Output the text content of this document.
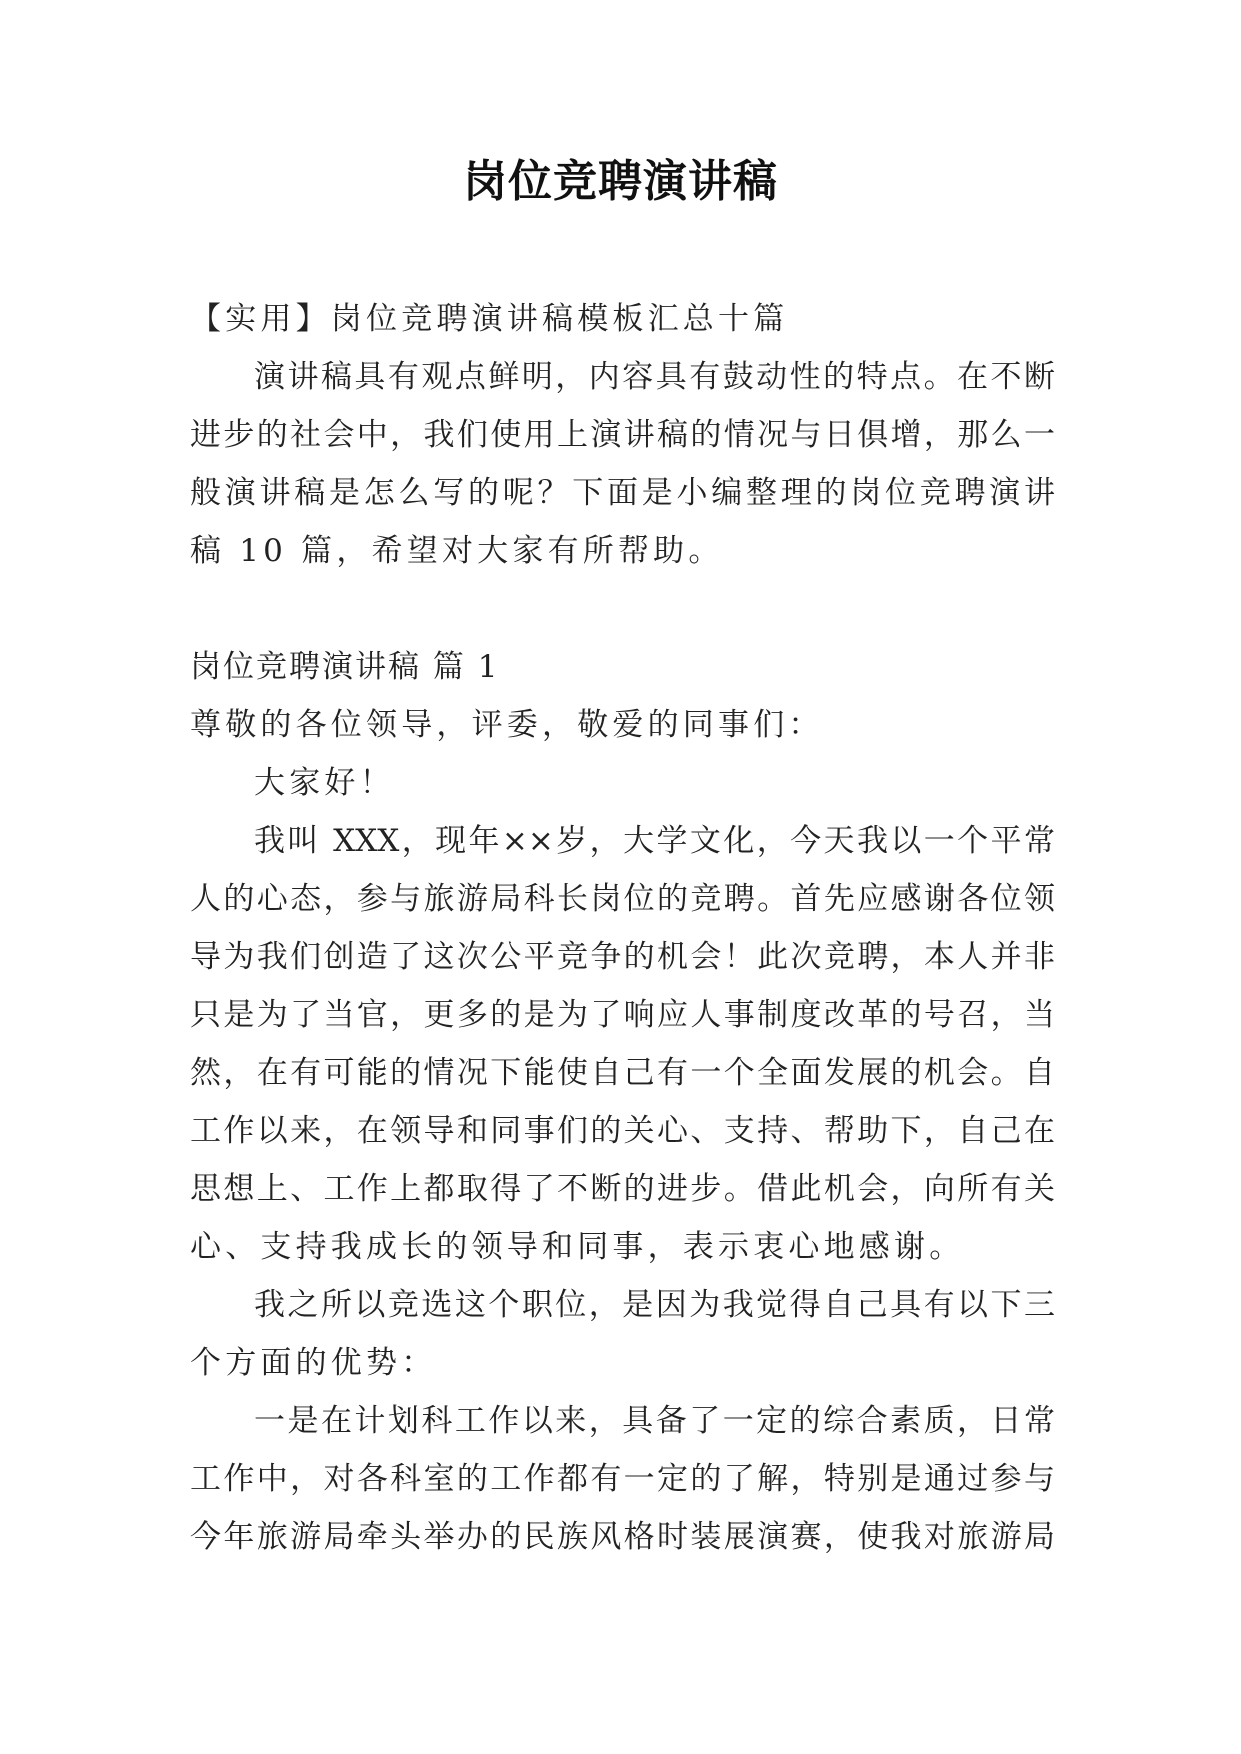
岗位竞聘演讲稿
【实用】岗位竞聘演讲稿模板汇总十篇
演讲稿具有观点鲜明，内容具有鼓动性的特点。在不断
进步的社会中，我们使用上演讲稿的情况与日俱增，那么一
般演讲稿是怎么写的呢？下面是小编整理的岗位竞聘演讲
稿 10 篇，希望对大家有所帮助。
岗位竞聘演讲稿 篇 1
尊敬的各位领导，评委，敬爱的同事们：
大家好！
我叫 XXX，现年××岁，大学文化，今天我以一个平常
人的心态，参与旅游局科长岗位的竞聘。首先应感谢各位领
导为我们创造了这次公平竞争的机会！此次竞聘，本人并非
只是为了当官，更多的是为了响应人事制度改革的号召，当
然，在有可能的情况下能使自己有一个全面发展的机会。自
工作以来，在领导和同事们的关心、支持、帮助下，自己在
思想上、工作上都取得了不断的进步。借此机会，向所有关
心、支持我成长的领导和同事，表示衷心地感谢。
我之所以竞选这个职位，是因为我觉得自己具有以下三
个方面的优势：
一是在计划科工作以来，具备了一定的综合素质，日常
工作中，对各科室的工作都有一定的了解，特别是通过参与
今年旅游局牵头举办的民族风格时装展演赛，使我对旅游局
